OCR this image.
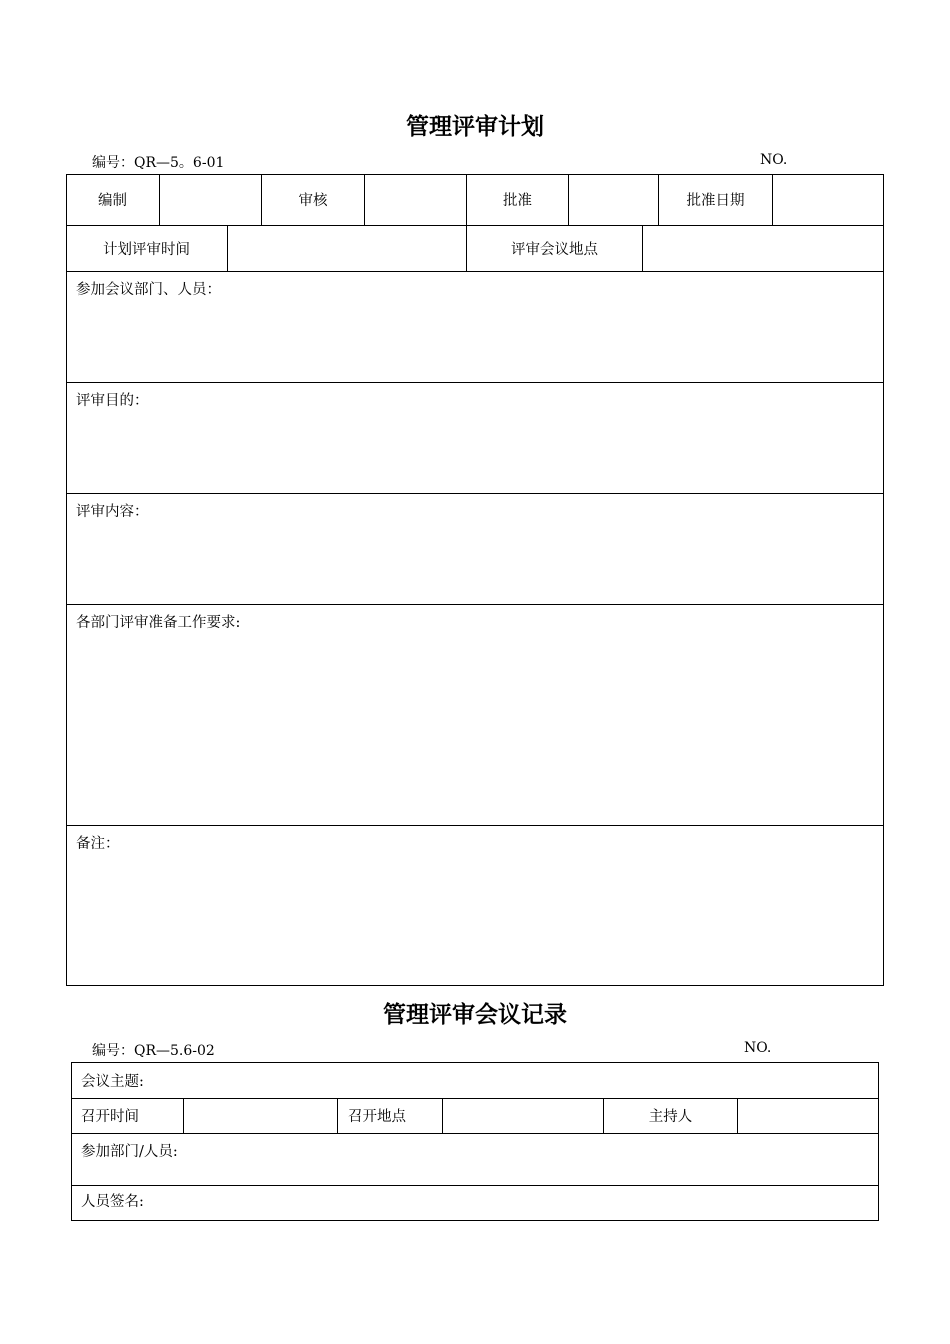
管理评审计划
编号：QR—5。6-01	NO.
编制	审核	批准	批准日期
计划评审时间	评审会议地点
参加会议部门、人员：
评审目的：
评审内容：
各部门评审准备工作要求:
备注：
管理评审会议记录
编号：QR—5.6-02	NO.
会议主题:
召开时间	召开地点	主持人
参加部门/人员:
人员签名:
